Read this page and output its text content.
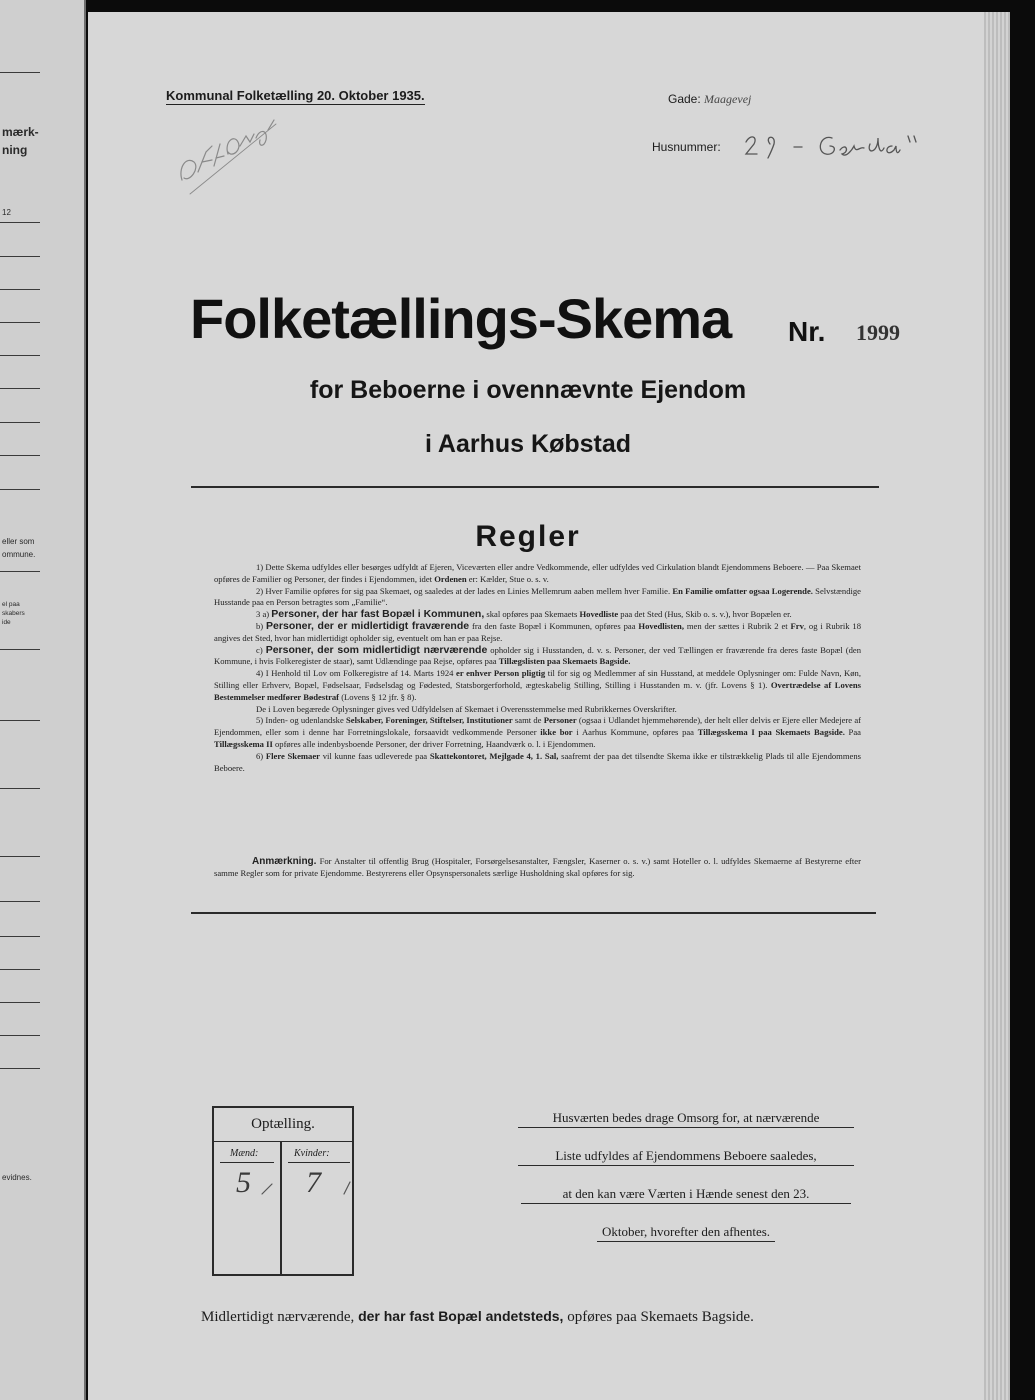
mærk-
ning
12
eller som
ommune.
el paa
skabers
ide
evidnes.
Kommunal Folketælling 20. Oktober 1935.	Gade: Maagevej
Husnummer:
Folketællings-Skema Nr. 1999
for Beboerne i ovennævnte Ejendom
i Aarhus Købstad
Regler

1) Dette Skema udfyldes eller besørges udfyldt af Ejeren, Viceværten eller andre Vedkommende, eller udfyldes ved Cirkulation blandt Ejendommens Beboere. — Paa Skemaet opføres de Familier og Personer, der findes i Ejendommen, idet Ordenen er: Kælder, Stue o. s. v.

2) Hver Familie opføres for sig paa Skemaet, og saaledes at der lades en Linies Mellemrum aaben mellem hver Familie. En Familie omfatter ogsaa Logerende. Selvstændige Husstande paa en Person betragtes som „Familie“.

3 a) Personer, der har fast Bopæl i Kommunen, skal opføres paa Skemaets Hovedliste paa det Sted (Hus, Skib o. s. v.), hvor Bopælen er.

b) Personer, der er midlertidigt fraværende fra den faste Bopæl i Kommunen, opføres paa Hovedlisten, men der sættes i Rubrik 2 et Frv, og i Rubrik 18 angives det Sted, hvor han midlertidigt opholder sig, eventuelt om han er paa Rejse.

c) Personer, der som midlertidigt nærværende opholder sig i Husstanden, d. v. s. Personer, der ved Tællingen er fraværende fra deres faste Bopæl (den Kommune, i hvis Folkeregister de staar), samt Udlændinge paa Rejse, opføres paa Tillægslisten paa Skemaets Bagside.

4) I Henhold til Lov om Folkeregistre af 14. Marts 1924 er enhver Person pligtig til for sig og Medlemmer af sin Husstand, at meddele Oplysninger om: Fulde Navn, Køn, Stilling eller Erhverv, Bopæl, Fødselsaar, Fødselsdag og Fødested, Statsborgerforhold, ægteskabelig Stilling, Stilling i Husstanden m. v. (jfr. Lovens § 1). Overtrædelse af Lovens Bestemmelser medfører Bødestraf (Lovens § 12 jfr. § 8).

De i Loven begærede Oplysninger gives ved Udfyldelsen af Skemaet i Overensstemmelse med Rubrikkernes Overskrifter.

5) Inden- og udenlandske Selskaber, Foreninger, Stiftelser, Institutioner samt de Personer (ogsaa i Udlandet hjemmehørende), der helt eller delvis er Ejere eller Medejere af Ejendommen, eller som i denne har Forretningslokale, forsaavidt vedkommende Personer ikke bor i Aarhus Kommune, opføres paa Tillægsskema I paa Skemaets Bagside. Paa Tillægsskema II opføres alle indenbysboende Personer, der driver Forretning, Haandværk o. l. i Ejendommen.

6) Flere Skemaer vil kunne faas udleverede paa Skattekontoret, Mejlgade 4, 1. Sal, saafremt der paa det tilsendte Skema ikke er tilstrækkelig Plads til alle Ejendommens Beboere.

Anmærkning. For Anstalter til offentlig Brug (Hospitaler, Forsørgelsesanstalter, Fængsler, Kaserner o. s. v.) samt Hoteller o. l. udfyldes Skemaerne af Bestyrerne efter samme Regler som for private Ejendomme. Bestyrerens eller Opsynspersonalets særlige Husholdning skal opføres for sig.
Optælling.
Mænd:	Kvinder:
5 7
Husværten bedes drage Omsorg for, at nærværende
Liste udfyldes af Ejendommens Beboere saaledes,
at den kan være Værten i Hænde senest den 23.
Oktober, hvorefter den afhentes.
Midlertidigt nærværende, der har fast Bopæl andetsteds, opføres paa Skemaets Bagside.
